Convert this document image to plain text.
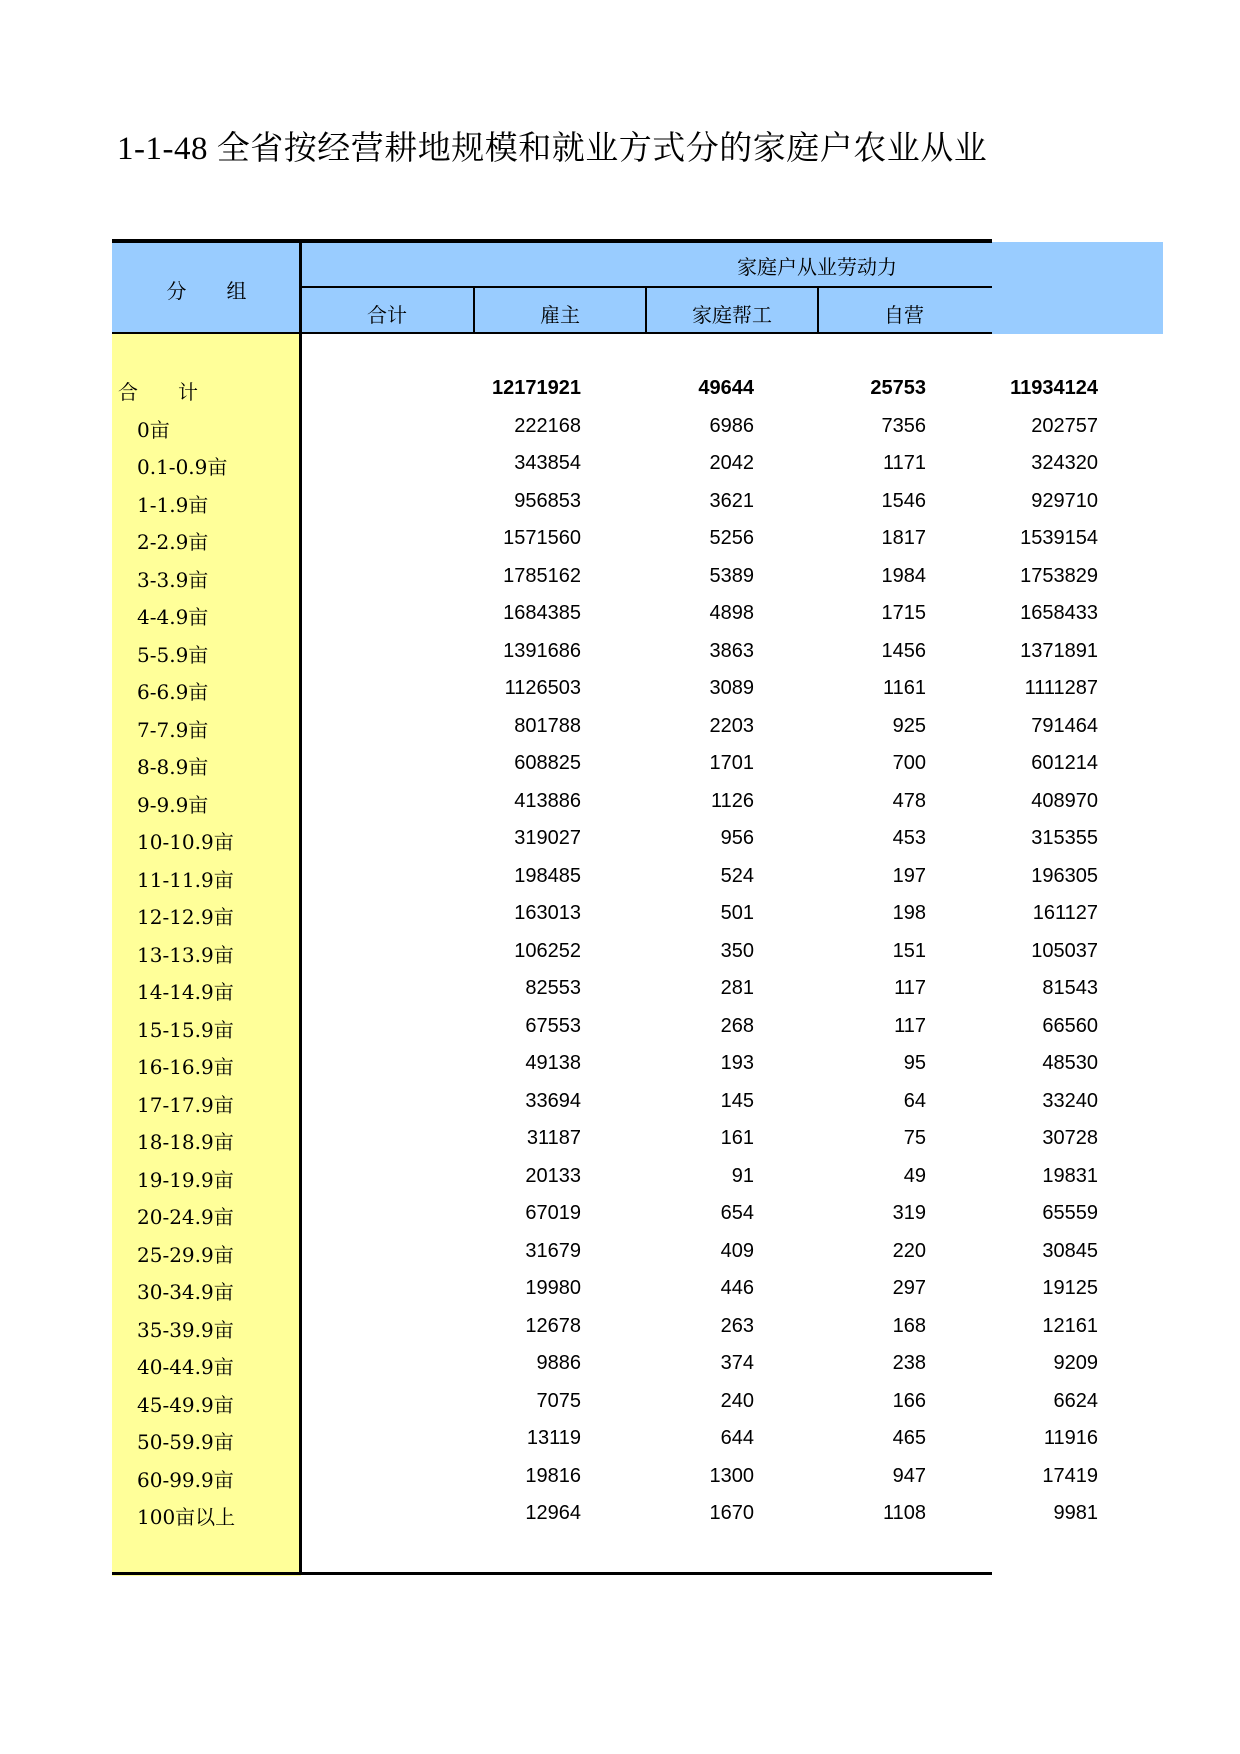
1-1-48 全省按经营耕地规模和就业方式分的家庭户农业从业
分　　组
家庭户从业劳动力
合计	雇主	家庭帮工	自营
合　　计	12171921	49644	25753	11934124
0亩	222168	6986	7356	202757
0.1-0.9亩	343854	2042	1171	324320
1-1.9亩	956853	3621	1546	929710
2-2.9亩	1571560	5256	1817	1539154
3-3.9亩	1785162	5389	1984	1753829
4-4.9亩	1684385	4898	1715	1658433
5-5.9亩	1391686	3863	1456	1371891
6-6.9亩	1126503	3089	1161	1111287
7-7.9亩	801788	2203	925	791464
8-8.9亩	608825	1701	700	601214
9-9.9亩	413886	1126	478	408970
10-10.9亩	319027	956	453	315355
11-11.9亩	198485	524	197	196305
12-12.9亩	163013	501	198	161127
13-13.9亩	106252	350	151	105037
14-14.9亩	82553	281	117	81543
15-15.9亩	67553	268	117	66560
16-16.9亩	49138	193	95	48530
17-17.9亩	33694	145	64	33240
18-18.9亩	31187	161	75	30728
19-19.9亩	20133	91	49	19831
20-24.9亩	67019	654	319	65559
25-29.9亩	31679	409	220	30845
30-34.9亩	19980	446	297	19125
35-39.9亩	12678	263	168	12161
40-44.9亩	9886	374	238	9209
45-49.9亩	7075	240	166	6624
50-59.9亩	13119	644	465	11916
60-99.9亩	19816	1300	947	17419
100亩以上	12964	1670	1108	9981
